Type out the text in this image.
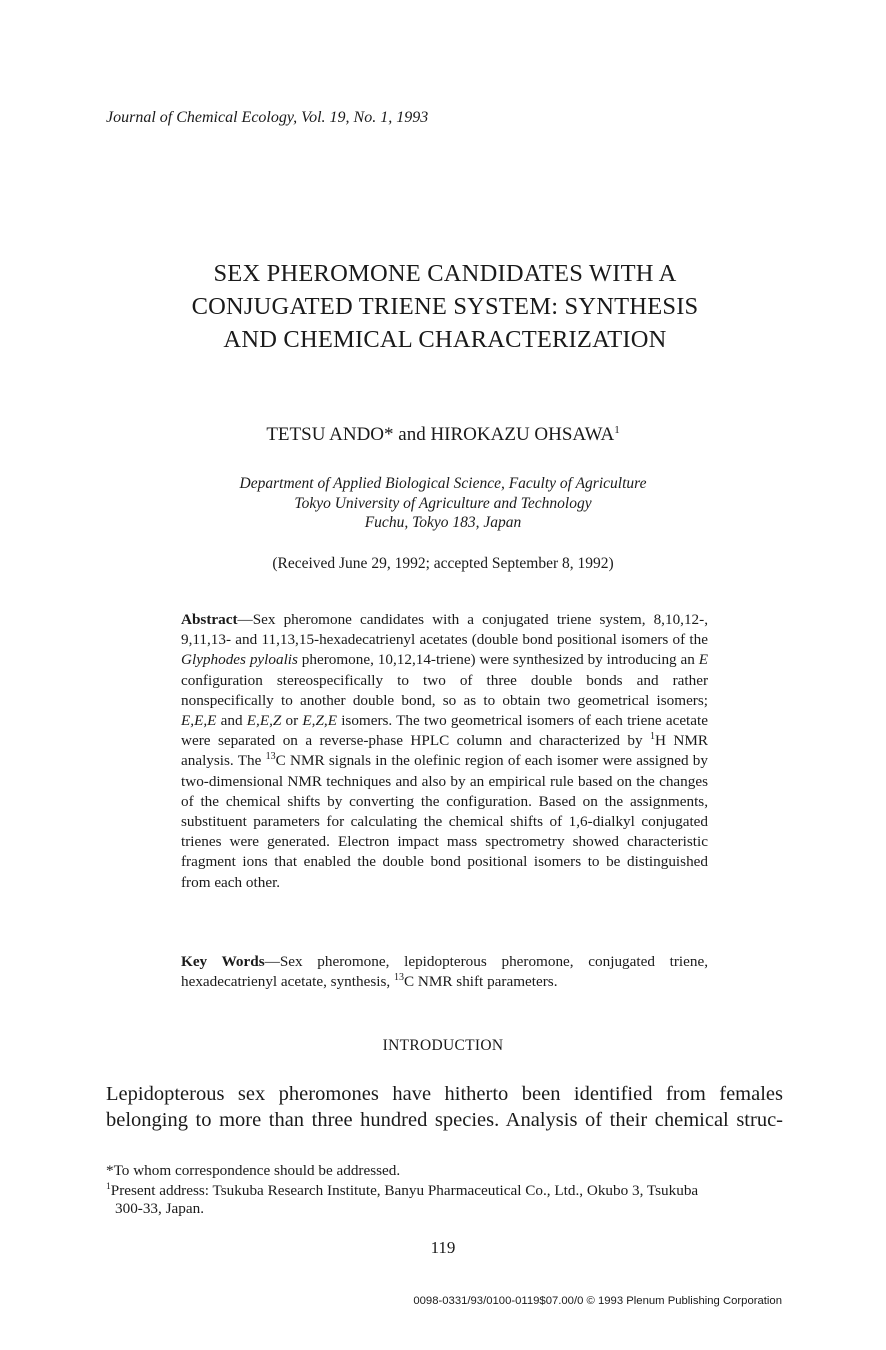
Journal of Chemical Ecology, Vol. 19, No. 1, 1993
SEX PHEROMONE CANDIDATES WITH A
CONJUGATED TRIENE SYSTEM: SYNTHESIS
AND CHEMICAL CHARACTERIZATION
TETSU ANDO* and HIROKAZU OHSAWA$^1$
Department of Applied Biological Science, Faculty of Agriculture
Tokyo University of Agriculture and Technology
Fuchu, Tokyo 183, Japan
(Received June 29, 1992; accepted September 8, 1992)

Abstract—Sex pheromone candidates with a conjugated triene system, 8,10,12-, 9,11,13- and 11,13,15-hexadecatrienyl acetates (double bond positional isomers of the Glyphodes pyloalis pheromone, 10,12,14-triene) were synthesized by introducing an E configuration stereospecifically to two of three double bonds and rather nonspecifically to another double bond, so as to obtain two geometrical isomers; E,E,E and E,E,Z or E,Z,E isomers. The two geometrical isomers of each triene acetate were separated on a reverse-phase HPLC column and characterized by $^1$H NMR analysis. The $^{13}$C NMR signals in the olefinic region of each isomer were assigned by two-dimensional NMR techniques and also by an empirical rule based on the changes of the chemical shifts by converting the configuration. Based on the assignments, substituent parameters for calculating the chemical shifts of 1,6-dialkyl conjugated trienes were generated. Electron impact mass spectrometry showed characteristic fragment ions that enabled the double bond positional isomers to be distinguished from each other.

Key Words—Sex pheromone, lepidopterous pheromone, conjugated triene, hexadecatrienyl acetate, synthesis, $^{13}$C NMR shift parameters.
INTRODUCTION
Lepidopterous sex pheromones have hitherto been identified from females
belonging to more than three hundred species. Analysis of their chemical struc-
*To whom correspondence should be addressed.
$^1$Present address: Tsukuba Research Institute, Banyu Pharmaceutical Co., Ltd., Okubo 3, Tsukuba
300-33, Japan.
119
0098-0331/93/0100-0119$07.00/0 © 1993 Plenum Publishing Corporation
